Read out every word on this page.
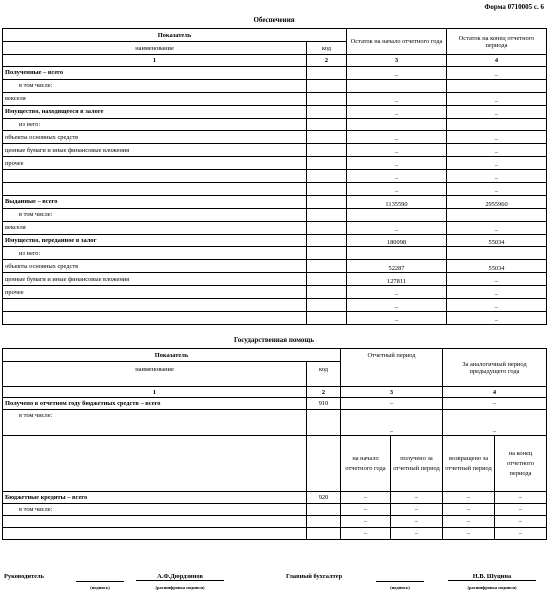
Форма 0710005 с. 6
Обеспечения
Показатель		Остаток на начало отчетного года	Остаток на конец отчетного периода
наименование	код		
1	2	3	4
Полученные – всего		–	–
в том числе:			
векселя		–	–
Имущество, находящееся в залоге		–	–
из него:			
объекты основных средств		–	–
ценные бумаги и иные финансовые вложения		–	–
прочее		–	–
		–	–
		–	–
Выданные – всего		1135590	2955960
в том числе:			
векселя		–	–
Имущество, переданное в залог		180098	55034
из него:			
объекты основных средств		52287	55034
ценные бумаги и иные финансовые вложения		127811	–
прочее		–	–
		–	–
		–	–
Государственная помощь
Показатель		Отчетный период		За аналогичный период предыдущего года	
наименование	код				
1	2	3		4	
Получено в отчетном году бюджетных средств – всего	910	–		–	
в том числе:		–		–	
		на начало отчетного года	получено за отчетный период	возвращено за отчетный период	на конец отчетного периода
Бюджетные кредиты – всего	920	–	–	–	–
в том числе:		–	–	–	–
		–	–	–	–
		–	–	–	–
Руководитель
(подпись)
А.Ф.Дюрдзинов
(расшифровка подписи)
Главный бухгалтер
(подпись)
Н.В. Шуцина
(расшифровка подписи)
